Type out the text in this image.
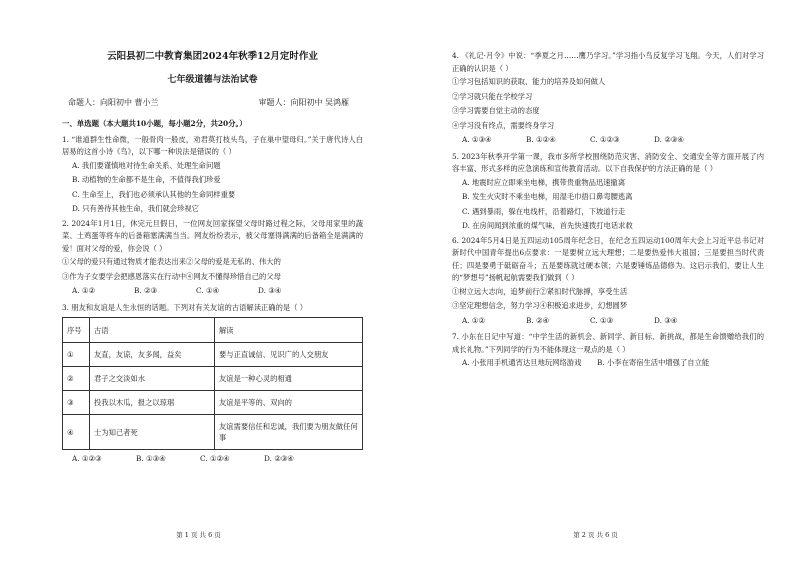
云阳县初二中教育集团2024年秋季12月定时作业
七年级道德与法治试卷
命题人：向阳初中 曹小兰	审题人：向阳初中 吴鸿雁
一、单选题（本大题共10小题，每小题2分，共20分。）
1. “谁道群生性命微，一般骨肉一般皮，劝君莫打枝头鸟，子在巢中望母归。”关于唐代诗人白居易的这首小诗《鸟》，以下哪一种说法是错误的（ ）
A. 我们要谨慎地对待生命关系、处理生命问题
B. 动植物的生命都不是生命，不值得我们珍爱
C. 生命至上，我们也必须承认其他的生命同样重要
D. 只有善待其他生命，我们就会珍视它
2. 2024年1月1日，休完元旦假日，一位网友回家探望父母时路过程之际，父母用家里的蔬菜、土鸡蛋等将车的后备箱塞满满当当。网友纷纷表示，被父母塞得满满的后备箱全是满满的爱！面对父母的爱，你会说（ ）
①父母的爱只有通过物质才能表达出来②父母的爱是无私的、伟大的
③作为子女要学会把感恩落实在行动中④网友不懂得珍惜自己的父母
A. ①②	B. ②③	C. ①④	D. ③④
3. 朋友和友谊是人生永恒的话题。下列对有关友谊的古语解读正确的是（ ）
序号	古语	解读
①	友直，友谅，友多闻，益矣	要与正直诚信、见识广的人交朋友
②	君子之交淡如水	友谊是一种心灵的相通
③	投我以木瓜，报之以琼琚	友谊是平等的、双向的
④	士为知己者死	友谊需要信任和忠诚，我们要为朋友做任何事
A. ①②③	B. ①③④	C. ①②④	D. ②③④
第 1 页 共 6 页
4. 《礼记·月令》中说：“季夏之月……鹰乃学习。”学习指小鸟反复学习飞翔。今天，人们对学习正确的认识是（ ）
①学习包括知识的获取、能力的培养及如何做人
②学习就只能在学校学习
③学习需要自觉主动的态度
④学习没有终点，需要终身学习
A. ①③④	B. ①②④	C. ①②③	D. ②③④
5. 2023年秋季开学第一课，我市多所学校围绕防范灾害、消防安全、交通安全等方面开展了内容丰富、形式多样的应急演练和宣传教育活动。以下自我保护的方法正确的是（ ）
A. 地震时应立即乘坐电梯，携带贵重物品迅速撤离
B. 发生火灾时不乘坐电梯，用湿毛巾捂口鼻弯腰逃离
C. 遇到暴雨，躲在电线杆，沿着路灯，下坡道行走
D. 在房间闻到浓重的煤气味，首先快速拨打电话求救
6. 2024年5月4日是五四运动105周年纪念日，在纪念五四运动100周年大会上习近平总书记对新时代中国青年提出6点要求：一是要树立远大理想；二是要热爱伟大祖国；三是要担当时代责任；四是要勇于砥砺奋斗；五是要练就过硬本领；六是要锤炼品德修为。这启示我们，要让人生的“梦想号”扬帆起航需要我们做到（ ）
①树立远大志向，追梦前行②紧扣时代脉搏，享受生活
③坚定理想信念，努力学习④积极追求进步，幻想圆梦
A. ①②	B. ②④	C. ①③	D. ③④
7. 小东在日记中写道：“中学生活的新机会、新同学、新目标、新挑战，都是生命馈赠给我们的成长礼物。”下列同学的行为不能体现这一观点的是（ ）
A. 小张用手机通宵达旦地玩网络游戏	B. 小李在寄宿生活中增强了自立能
第 2 页 共 6 页
